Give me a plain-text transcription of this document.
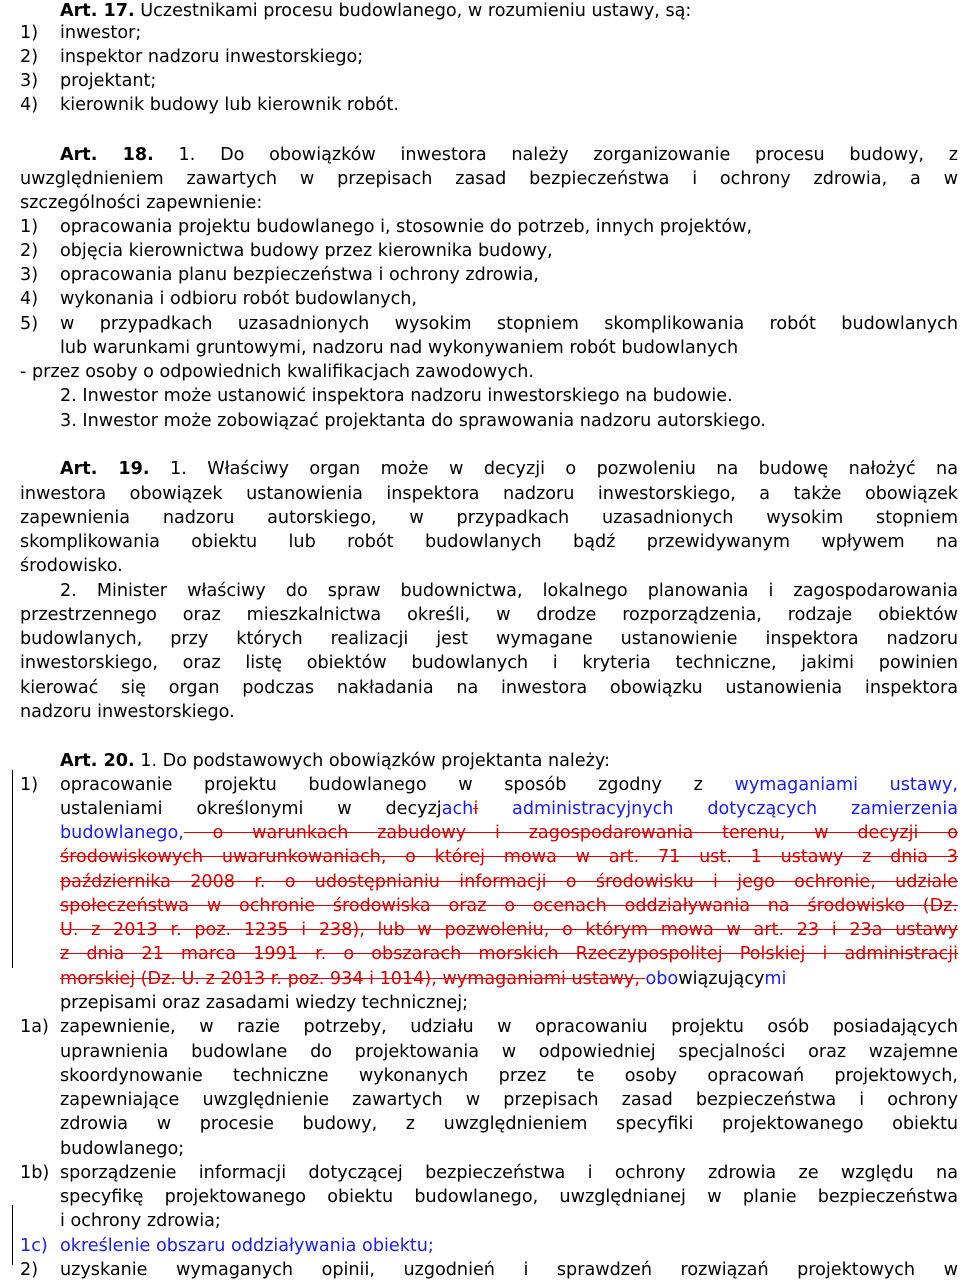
Art. 17. Uczestnikami procesu budowlanego, w rozumieniu ustawy, są:
1) inwestor;
2) inspektor nadzoru inwestorskiego;
3) projektant;
4) kierownik budowy lub kierownik robót.
Art. 18. 1. Do obowiązków inwestora należy zorganizowanie procesu budowy, z
uwzględnieniem zawartych w przepisach zasad bezpieczeństwa i ochrony zdrowia, a w
szczególności zapewnienie:
1) opracowania projektu budowlanego i, stosownie do potrzeb, innych projektów,
2) objęcia kierownictwa budowy przez kierownika budowy,
3) opracowania planu bezpieczeństwa i ochrony zdrowia,
4) wykonania i odbioru robót budowlanych,
5) w przypadkach uzasadnionych wysokim stopniem skomplikowania robót budowlanych
lub warunkami gruntowymi, nadzoru nad wykonywaniem robót budowlanych
- przez osoby o odpowiednich kwalifikacjach zawodowych.
2. Inwestor może ustanowić inspektora nadzoru inwestorskiego na budowie.
3. Inwestor może zobowiązać projektanta do sprawowania nadzoru autorskiego.
Art. 19. 1. Właściwy organ może w decyzji o pozwoleniu na budowę nałożyć na
inwestora obowiązek ustanowienia inspektora nadzoru inwestorskiego, a także obowiązek
zapewnienia nadzoru autorskiego, w przypadkach uzasadnionych wysokim stopniem
skomplikowania obiektu lub robót budowlanych bądź przewidywanym wpływem na
środowisko.
2. Minister właściwy do spraw budownictwa, lokalnego planowania i zagospodarowania
przestrzennego oraz mieszkalnictwa określi, w drodze rozporządzenia, rodzaje obiektów
budowlanych, przy których realizacji jest wymagane ustanowienie inspektora nadzoru
inwestorskiego, oraz listę obiektów budowlanych i kryteria techniczne, jakimi powinien
kierować się organ podczas nakładania na inwestora obowiązku ustanowienia inspektora
nadzoru inwestorskiego.
Art. 20. 1. Do podstawowych obowiązków projektanta należy:
1) opracowanie projektu budowlanego w sposób zgodny z wymaganiami ustawy,
ustaleniami określonymi w decyzjachi administracyjnych dotyczących zamierzenia
budowlanego, o warunkach zabudowy i zagospodarowania terenu, w decyzji o
środowiskowych uwarunkowaniach, o której mowa w art. 71 ust. 1 ustawy z dnia 3
października 2008 r. o udostępnianiu informacji o środowisku i jego ochronie, udziale
społeczeństwa w ochronie środowiska oraz o ocenach oddziaływania na środowisko (Dz.
U. z 2013 r. poz. 1235 i 238), lub w pozwoleniu, o którym mowa w art. 23 i 23a ustawy
z dnia 21 marca 1991 r. o obszarach morskich Rzeczypospolitej Polskiej i administracji
morskiej (Dz. U. z 2013 r. poz. 934 i 1014), wymaganiami ustawy, obowiązującymi
przepisami oraz zasadami wiedzy technicznej;
1a) zapewnienie, w razie potrzeby, udziału w opracowaniu projektu osób posiadających
uprawnienia budowlane do projektowania w odpowiedniej specjalności oraz wzajemne
skoordynowanie techniczne wykonanych przez te osoby opracowań projektowych,
zapewniające uwzględnienie zawartych w przepisach zasad bezpieczeństwa i ochrony
zdrowia w procesie budowy, z uwzględnieniem specyfiki projektowanego obiektu
budowlanego;
1b) sporządzenie informacji dotyczącej bezpieczeństwa i ochrony zdrowia ze względu na
specyfikę projektowanego obiektu budowlanego, uwzględnianej w planie bezpieczeństwa
i ochrony zdrowia;
1c) określenie obszaru oddziaływania obiektu;
2) uzyskanie wymaganych opinii, uzgodnień i sprawdzeń rozwiązań projektowych w
